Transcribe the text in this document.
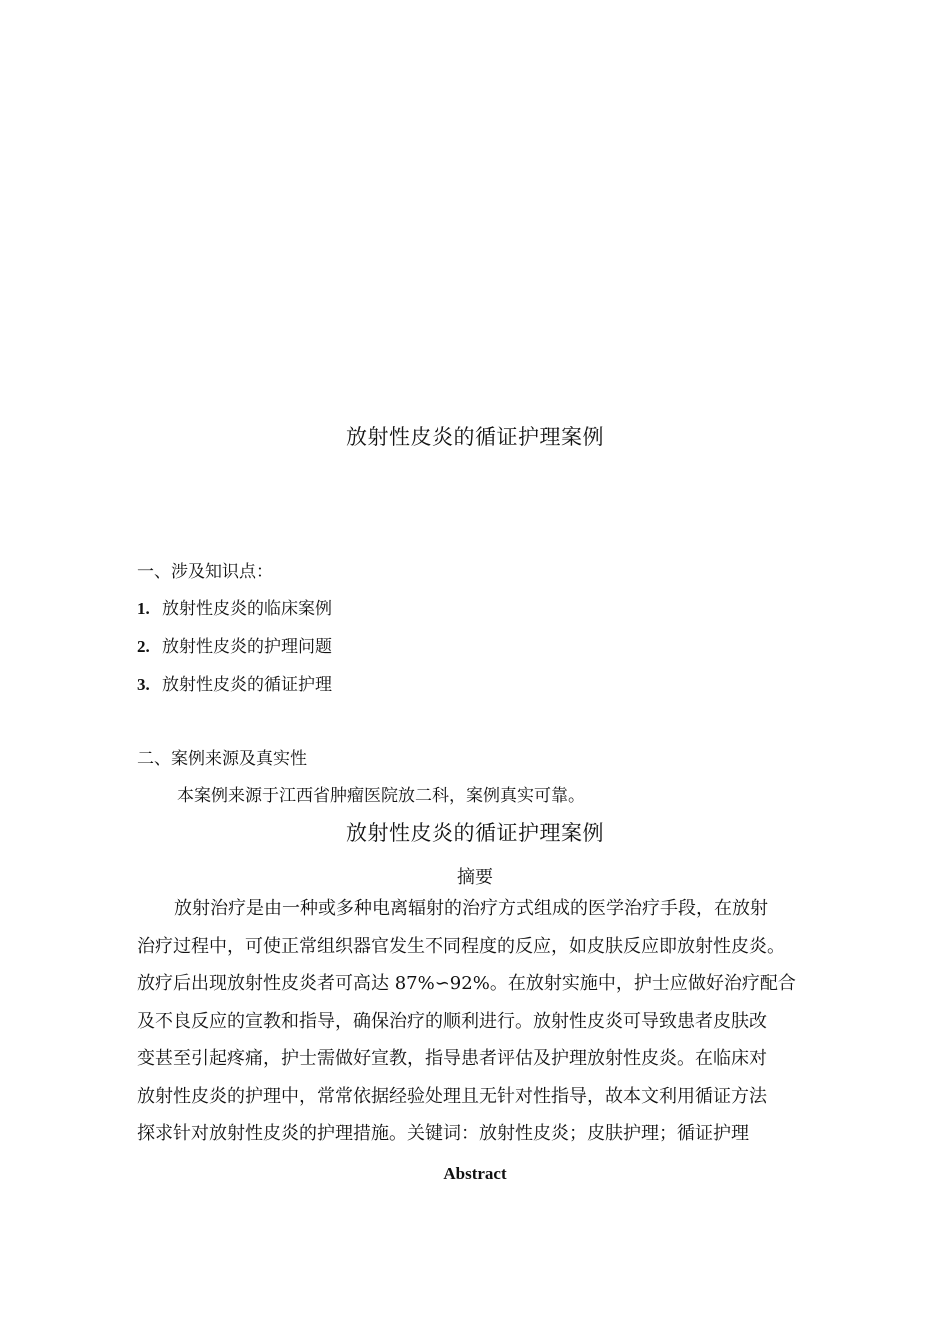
放射性皮炎的循证护理案例
一、涉及知识点：
1. 放射性皮炎的临床案例
2. 放射性皮炎的护理问题
3. 放射性皮炎的循证护理
二、案例来源及真实性
本案例来源于江西省肿瘤医院放二科，案例真实可靠。
放射性皮炎的循证护理案例
摘要
放射治疗是由一种或多种电离辐射的治疗方式组成的医学治疗手段，在放射
治疗过程中，可使正常组织器官发生不同程度的反应，如皮肤反应即放射性皮炎。
放疗后出现放射性皮炎者可高达 87%∽92%。在放射实施中，护士应做好治疗配合
及不良反应的宣教和指导，确保治疗的顺利进行。放射性皮炎可导致患者皮肤改
变甚至引起疼痛，护士需做好宣教，指导患者评估及护理放射性皮炎。在临床对
放射性皮炎的护理中，常常依据经验处理且无针对性指导，故本文利用循证方法
探求针对放射性皮炎的护理措施。关键词：放射性皮炎；皮肤护理；循证护理
Abstract
